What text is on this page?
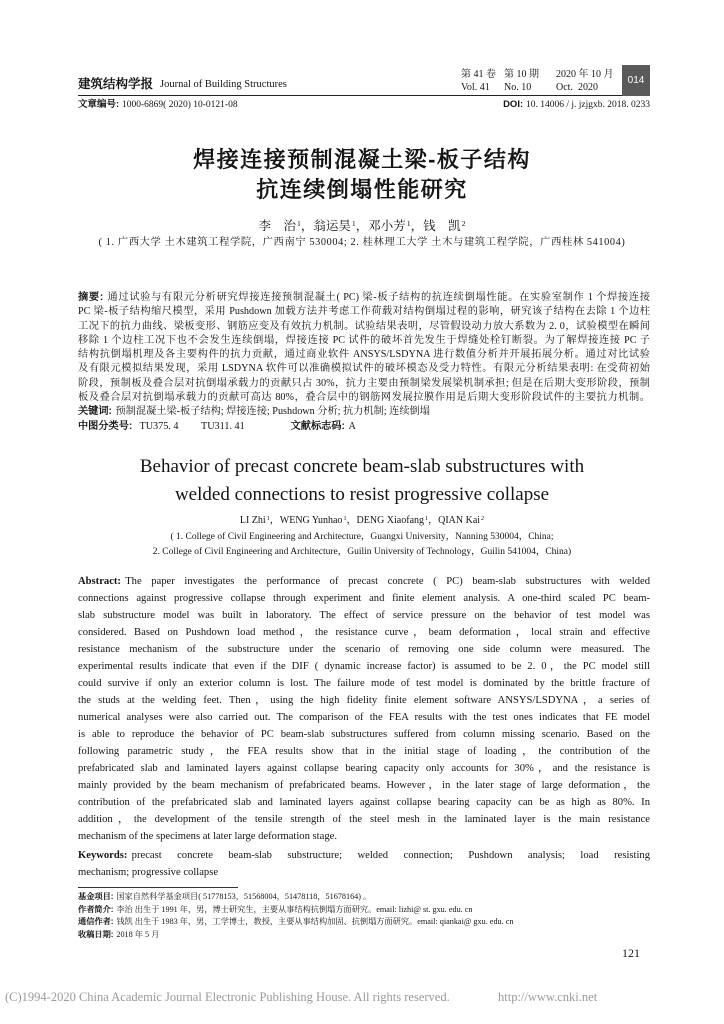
建筑结构学报 Journal of Building Structures
第 41 卷 第 10 期 2020 年 10 月
Vol. 41 No. 10 Oct.  2020
014
文章编号: 1000-6869( 2020) 10-0121-08	DOI: 10. 14006 / j. jzjgxb. 2018. 0233
焊接连接预制混凝土梁-板子结构
抗连续倒塌性能研究
李　治$^1$，翁运昊$^1$，邓小芳$^1$，钱　凯$^2$
( 1. 广西大学 土木建筑工程学院，广西南宁 530004; 2. 桂林理工大学 土木与建筑工程学院，广西桂林 541004)
摘要: 通过试验与有限元分析研究焊接连接预制混凝土( PC) 梁-板子结构的抗连续倒塌性能。在实验室制作 1 个焊接连接
PC 梁-板子结构缩尺模型，采用 Pushdown 加载方法并考虑工作荷载对结构倒塌过程的影响，研究该子结构在去除 1 个边柱
工况下的抗力曲线、梁板变形、钢筋应变及有效抗力机制。试验结果表明，尽管假设动力放大系数为 2. 0，试验模型在瞬间
移除 1 个边柱工况下也不会发生连续倒塌，焊接连接 PC 试件的破坏首先发生于焊缝处栓钉断裂。为了解焊接连接 PC 子
结构抗倒塌机理及各主要构件的抗力贡献，通过商业软件 ANSYS/LSDYNA 进行数值分析并开展拓展分析。通过对比试验
及有限元模拟结果发现，采用 LSDYNA 软件可以准确模拟试件的破坏模态及受力特性。有限元分析结果表明: 在受荷初始
阶段，预制板及叠合层对抗倒塌承载力的贡献只占 30%，抗力主要由预制梁发展梁机制承担; 但是在后期大变形阶段，预制
板及叠合层对抗倒塌承载力的贡献可高达 80%，叠合层中的钢筋网发展拉膜作用是后期大变形阶段试件的主要抗力机制。
关键词: 预制混凝土梁-板子结构; 焊接连接; Pushdown 分析; 抗力机制; 连续倒塌
中图分类号: TU375. 4 TU311. 41	文献标志码: A
Behavior of precast concrete beam-slab substructures with
welded connections to resist progressive collapse
LI Zhi$^1$，WENG Yunhao$^1$，DENG Xiaofang$^1$，QIAN Kai$^2$
( 1. College of Civil Engineering and Architecture，Guangxi University，Nanning 530004，China;
2. College of Civil Engineering and Architecture，Guilin University of Technology，Guilin 541004，China)
Abstract: The paper investigates the performance of precast concrete ( PC) beam-slab substructures with welded
connections against progressive collapse through experiment and finite element analysis. A one-third scaled PC beam-
slab substructure model was built in laboratory. The effect of service pressure on the behavior of test model was
considered. Based on Pushdown load method，the resistance curve，beam deformation，local strain and effective
resistance mechanism of the substructure under the scenario of removing one side column were measured. The
experimental results indicate that even if the DIF ( dynamic increase factor) is assumed to be 2. 0，the PC model still
could survive if only an exterior column is lost. The failure mode of test model is dominated by the brittle fracture of
the studs at the welding feet. Then，using the high fidelity finite element software ANSYS/LSDYNA，a series of
numerical analyses were also carried out. The comparison of the FEA results with the test ones indicates that FE model
is able to reproduce the behavior of PC beam-slab substructures suffered from column missing scenario. Based on the
following parametric study，the FEA results show that in the initial stage of loading，the contribution of the
prefabricated slab and laminated layers against collapse bearing capacity only accounts for 30%，and the resistance is
mainly provided by the beam mechanism of prefabricated beams. However，in the later stage of large deformation，the
contribution of the prefabricated slab and laminated layers against collapse bearing capacity can be as high as 80%. In
addition，the development of the tensile strength of the steel mesh in the laminated layer is the main resistance
mechanism of the specimens at later large deformation stage.
Keywords: precast concrete beam-slab substructure; welded connection; Pushdown analysis; load resisting
mechanism; progressive collapse
基金项目: 国家自然科学基金项目( 51778153，51568004，51478118，51678164) 。
作者简介: 李治 出生于 1991 年，男，博士研究生，主要从事结构抗倒塌方面研究。email: lizhi@ st. gxu. edu. cn
通信作者: 钱凯 出生于 1983 年，男，工学博士，教授，主要从事结构加固、抗倒塌方面研究。email: qiankai@ gxu. edu. cn
收稿日期: 2018 年 5 月
121
(C)1994-2020 China Academic Journal Electronic Publishing House. All rights reserved.	http://www.cnki.net
